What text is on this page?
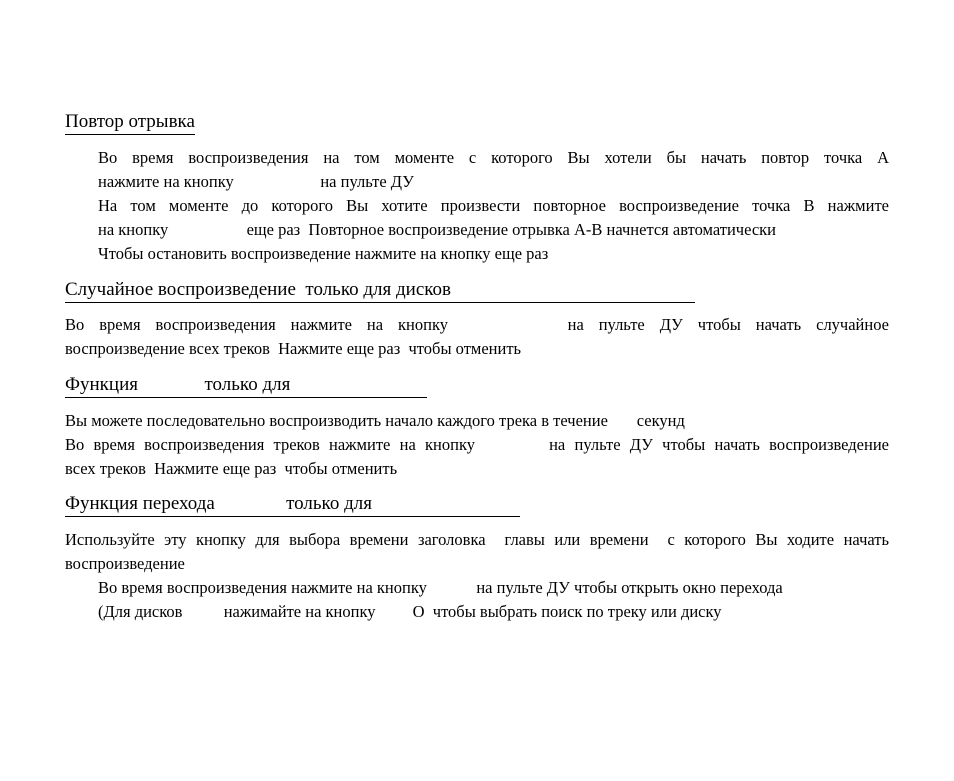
Повтор отрывка
Во время воспроизведения на том моменте с которого Вы хотели бы начать повтор точка A
нажмите на кнопку                     на пульте ДУ
На том моменте до которого Вы хотите произвести повторное воспроизведение точка B нажмите
на кнопку                   еще раз  Повторное воспроизведение отрывка A-B начнется автоматически
Чтобы остановить воспроизведение нажмите на кнопку еще раз
Случайное воспроизведение  только для дисков
Во время воспроизведения нажмите на кнопку        на пульте ДУ чтобы начать случайное
воспроизведение всех треков  Нажмите еще раз  чтобы отменить
Функция              только для
Вы можете последовательно воспроизводить начало каждого трека в течение       секунд
Во время воспроизведения треков нажмите на кнопку        на пульте ДУ чтобы начать воспроизведение
всех треков  Нажмите еще раз  чтобы отменить
Функция перехода               только для
Используйте эту кнопку для выбора времени заголовка  главы или времени  с которого Вы ходите начать
воспроизведение
Во время воспроизведения нажмите на кнопку            на пульте ДУ чтобы открыть окно перехода
(Для дисков          нажимайте на кнопку         O  чтобы выбрать поиск по треку или диску
